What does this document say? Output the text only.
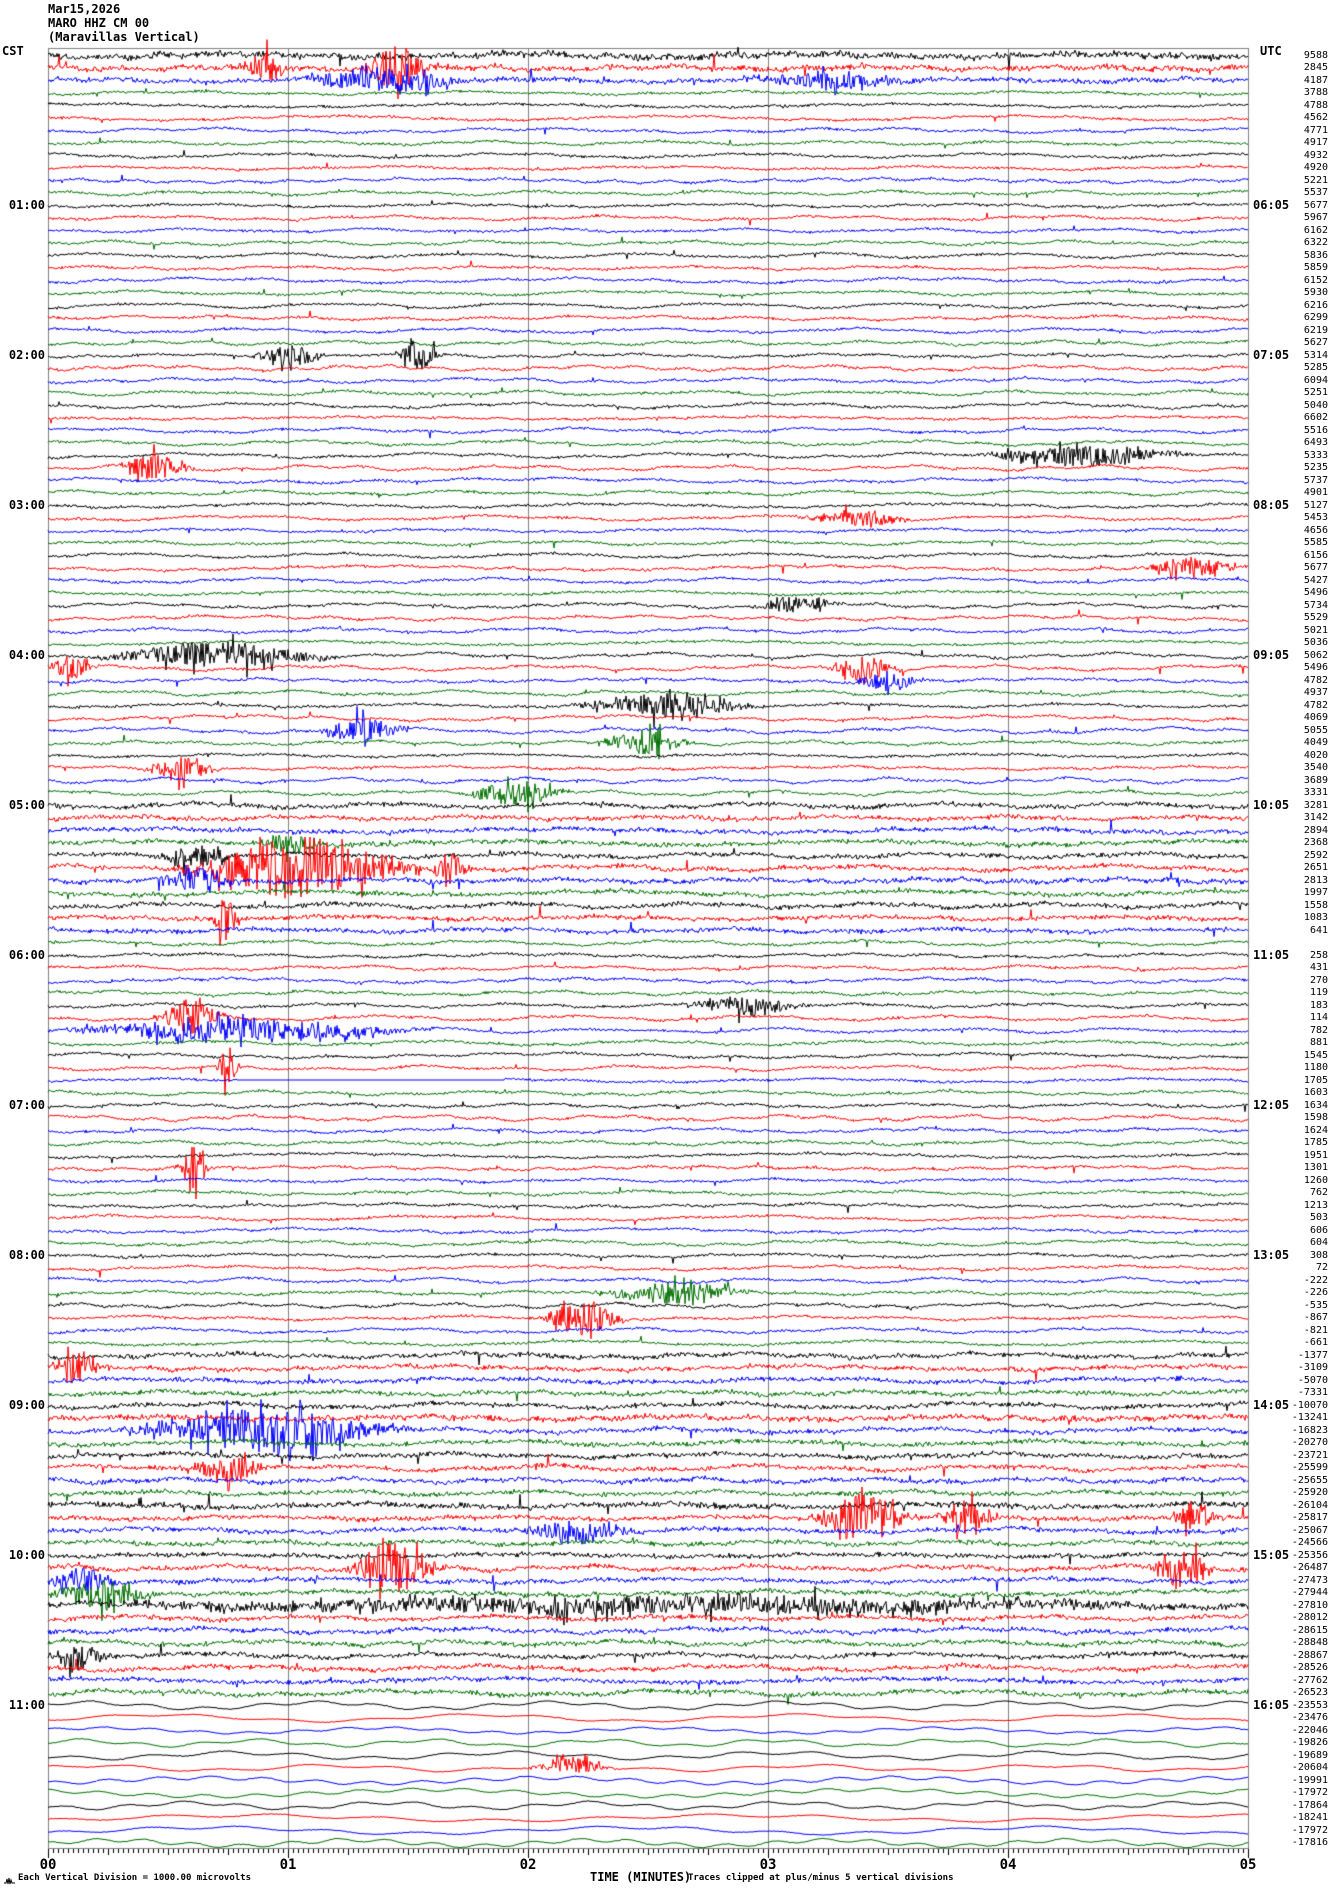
Mar15,2026
MARO HHZ CM 00
(Maravillas Vertical)
CST	UTC
01:00
02:00
03:00
04:00
05:00
06:00
07:00
08:00
09:00
10:00
11:00
06:05
07:05
08:05
09:05
10:05
11:05
12:05
13:05
14:05
15:05
16:05
9588
2845
4187
3788
4788
4562
4771
4917
4932
4920
5221
5537
5677
5967
6162
6322
5836
5859
6152
5930
6216
6299
6219
5627
5314
5285
6094
5251
5040
6602
5516
6493
5333
5235
5737
4901
5127
5453
4656
5585
6156
5677
5427
5496
5734
5529
5021
5036
5062
5496
4782
4937
4782
4069
5055
4049
4020
3540
3689
3331
3281
3142
2894
2368
2592
2651
2813
1997
1558
1083
641
258
431
270
119
183
114
782
881
1545
1180
1705
1603
1634
1598
1624
1785
1951
1301
1260
762
1213
503
606
604
308
72
-222
-226
-535
-867
-821
-661
-1377
-3109
-5070
-7331
-10070
-13241
-16823
-20270
-23721
-25599
-25655
-25920
-26104
-25817
-25067
-24566
-25356
-26487
-27473
-27944
-27810
-28012
-28615
-28848
-28867
-28526
-27762
-26523
-23553
-23476
-22046
-19826
-19689
-20604
-19991
-17972
-17864
-18241
-17972
-17816
00	01	02	03	04	05
Each Vertical Division = 1000.00 microvolts	TIME (MINUTES)
Traces clipped at plus/minus 5 vertical divisions
